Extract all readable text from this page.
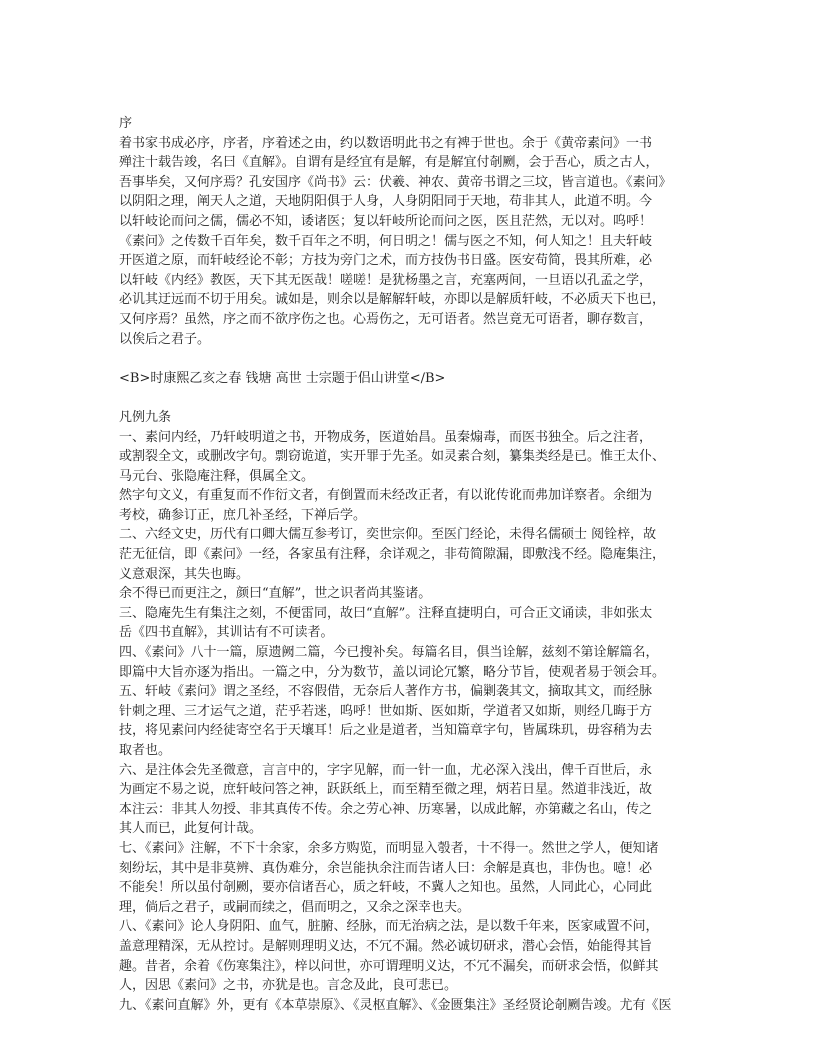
序
着书家书成必序，序者，序着述之由，约以数语明此书之有裨于世也。余于《黄帝素问》一书
殚注十载告竣，名曰《直解》。自谓有是经宜有是解，有是解宜付剞劂，会于吾心，质之古人，
吾事毕矣，又何序焉？孔安国序《尚书》云：伏羲、神农、黄帝书谓之三坟，皆言道也。《素问》
以阴阳之理，阐天人之道，天地阴阳俱于人身，人身阴阳同于天地，苟非其人，此道不明。今
以轩岐论而问之儒，儒必不知，诿诸医；复以轩岐所论而问之医，医且茫然，无以对。呜呼！
《素问》之传数千百年矣，数千百年之不明，何日明之！儒与医之不知，何人知之！且夫轩岐
开医道之原，而轩岐经论不彰；方技为旁门之术，而方技伪书日盛。医安苟简，畏其所难，必
以轩岐《内经》教医，天下其无医哉！嗟嗟！是犹杨墨之言，充塞两间，一旦语以孔孟之学，
必讥其迂远而不切于用矣。诚如是，则余以是解解轩岐，亦即以是解质轩岐，不必质天下也已，
又何序焉？虽然，序之而不欲序伤之也。心焉伤之，无可语者。然岂竟无可语者，聊存数言，
以俟后之君子。
<B>时康熙乙亥之春 钱塘 高世 士宗题于侣山讲堂</B>
凡例九条
一、素问内经，乃轩岐明道之书，开物成务，医道始昌。虽秦煽毒，而医书独全。后之注者，
或割裂全文，或删改字句。剽窃诡道，实开罪于先圣。如灵素合刻，纂集类经是已。惟王太仆、
马元台、张隐庵注释，俱属全文。
然字句文义，有重复而不作衍文者，有倒置而未经改正者，有以讹传讹而弗加详察者。余细为
考校，确参订正，庶几补圣经，下禅后学。
二、六经文史，历代有口卿大儒互参考订，奕世宗仰。至医门经论，未得名儒硕士 阅铨梓，故
茫无征信，即《素问》一经，各家虽有注释，余详观之，非苟简隙漏，即敷浅不经。隐庵集注，
义意艰深，其失也晦。
余不得已而更注之，颜曰“直解”，世之识者尚其鉴诸。
三、隐庵先生有集注之刻，不便雷同，故曰“直解”。注释直捷明白，可合正文诵读，非如张太
岳《四书直解》，其训诂有不可读者。
四、《素问》八十一篇，原遗阙二篇，今已搜补矣。每篇名目，俱当诠解，兹刻不第诠解篇名，
即篇中大旨亦逐为指出。一篇之中，分为数节，盖以词论冗繁，略分节旨，使观者易于领会耳。
五、轩岐《素问》谓之圣经，不容假借，无奈后人著作方书，偏剿袭其文，摘取其文，而经脉
针刺之理、三才运气之道，茫乎若迷，呜呼！世如斯、医如斯，学道者又如斯，则经几晦于方
技，将见素问内经徒寄空名于天壤耳！后之业是道者，当知篇章字句，皆属珠玑，毋容稍为去
取者也。
六、是注体会先圣微意，言言中的，字字见解，而一针一血，尤必深入浅出，俾千百世后，永
为画定不易之说，庶轩岐问答之神，跃跃纸上，而至精至微之理，炳若日星。然道非浅近，故
本注云：非其人勿授、非其真传不传。余之劳心神、历寒暑，以成此解，亦第藏之名山，传之
其人而已，此复何计哉。
七、《素问》注解，不下十余家，余多方购览，而明显入彀者，十不得一。然世之学人，便知诸
刻纷坛，其中是非莫辨、真伪难分，余岂能执余注而告诸人曰：余解是真也，非伪也。噫！必
不能矣！所以虽付剞劂，要亦信诸吾心，质之轩岐，不冀人之知也。虽然，人同此心，心同此
理，倘后之君子，或嗣而续之，倡而明之，又余之深幸也夫。
八、《素问》论人身阴阳、血气，脏腑、经脉，而无治病之法，是以数千年来，医家咸置不问，
盖意理精深，无从控讨。是解则理明义达，不冗不漏。然必诚切研求，潜心会悟，始能得其旨
趣。昔者，余着《伤寒集注》，梓以问世，亦可谓理明义达，不冗不漏矣，而研求会悟，似鲜其
人，因思《素问》之书，亦犹是也。言念及此，良可悲已。
九、《素问直解》外，更有《本草崇原》、《灵枢直解》、《金匮集注》圣经贤论剞劂告竣。尤有《医
